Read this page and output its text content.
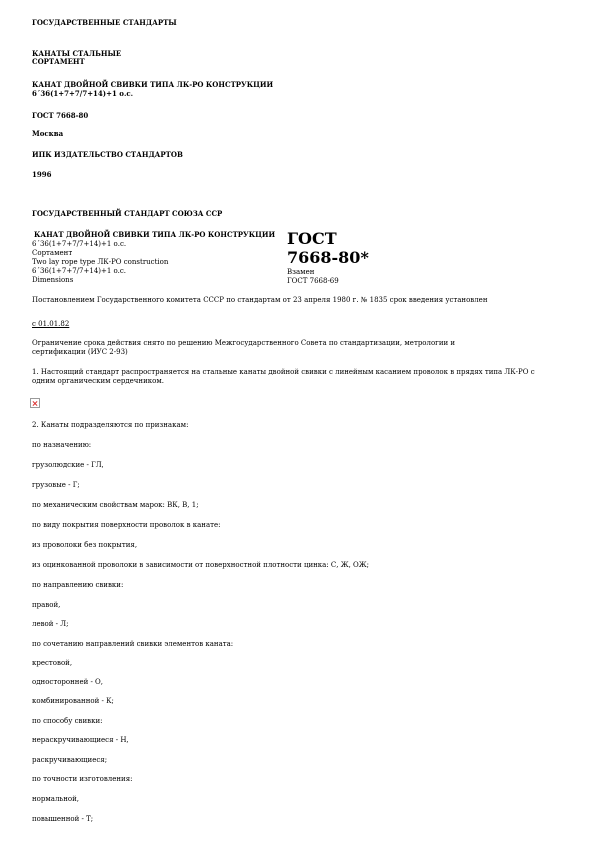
ГОСУДАРСТВЕННЫЕ СТАНДАРТЫ
КАНАТЫ СТАЛЬНЫЕ
СОРТАМЕНТ
КАНАТ ДВОЙНОЙ СВИВКИ ТИПА ЛК-РО КОНСТРУКЦИИ
6´36(1+7+7/7+14)+1 о.с.
ГОСТ 7668-80
Москва
ИПК ИЗДАТЕЛЬСТВО СТАНДАРТОВ
1996
ГОСУДАРСТВЕННЫЙ СТАНДАРТ СОЮЗА ССР
КАНАТ ДВОЙНОЙ СВИВКИ ТИПА ЛК-РО КОНСТРУКЦИИ
6´36(1+7+7/7+14)+1 о.с.
Сортамент
Two lay rope type ЛК-РО construction
6´36(1+7+7/7+14)+1 o.c.
Dimensions
ГОСТ
7668-80*
Взамен
ГОСТ 7668-69
Постановлением Государственного комитета СССР по стандартам от 23 апреля 1980 г. № 1835 срок введения установлен
с 01.01.82
Ограничение срока действия снято по решению Межгосударственного Совета по стандартизации, метрологии и
сертификации (ИУС 2-93)
1. Настоящий стандарт распространяется на стальные канаты двойной свивки с линейным касанием проволок в прядях типа ЛК-РО с
одним органическим сердечником.
2. Канаты подразделяются по признакам:
по назначению:
грузолюдские - ГЛ,
грузовые - Г;
по механическим свойствам марок: ВК, В, 1;
по виду покрытия поверхности проволок в канате:
из проволоки без покрытия,
из оцинкованной проволоки в зависимости от поверхностной плотности цинка: С, Ж, ОЖ;
по направлению свивки:
правой,
левой - Л;
по сочетанию направлений свивки элементов каната:
крестовой,
односторонней - О,
комбинированной - К;
по способу свивки:
нераскручивающиеся - Н,
раскручивающиеся;
по точности изготовления:
нормальной,
повышенной - Т;
